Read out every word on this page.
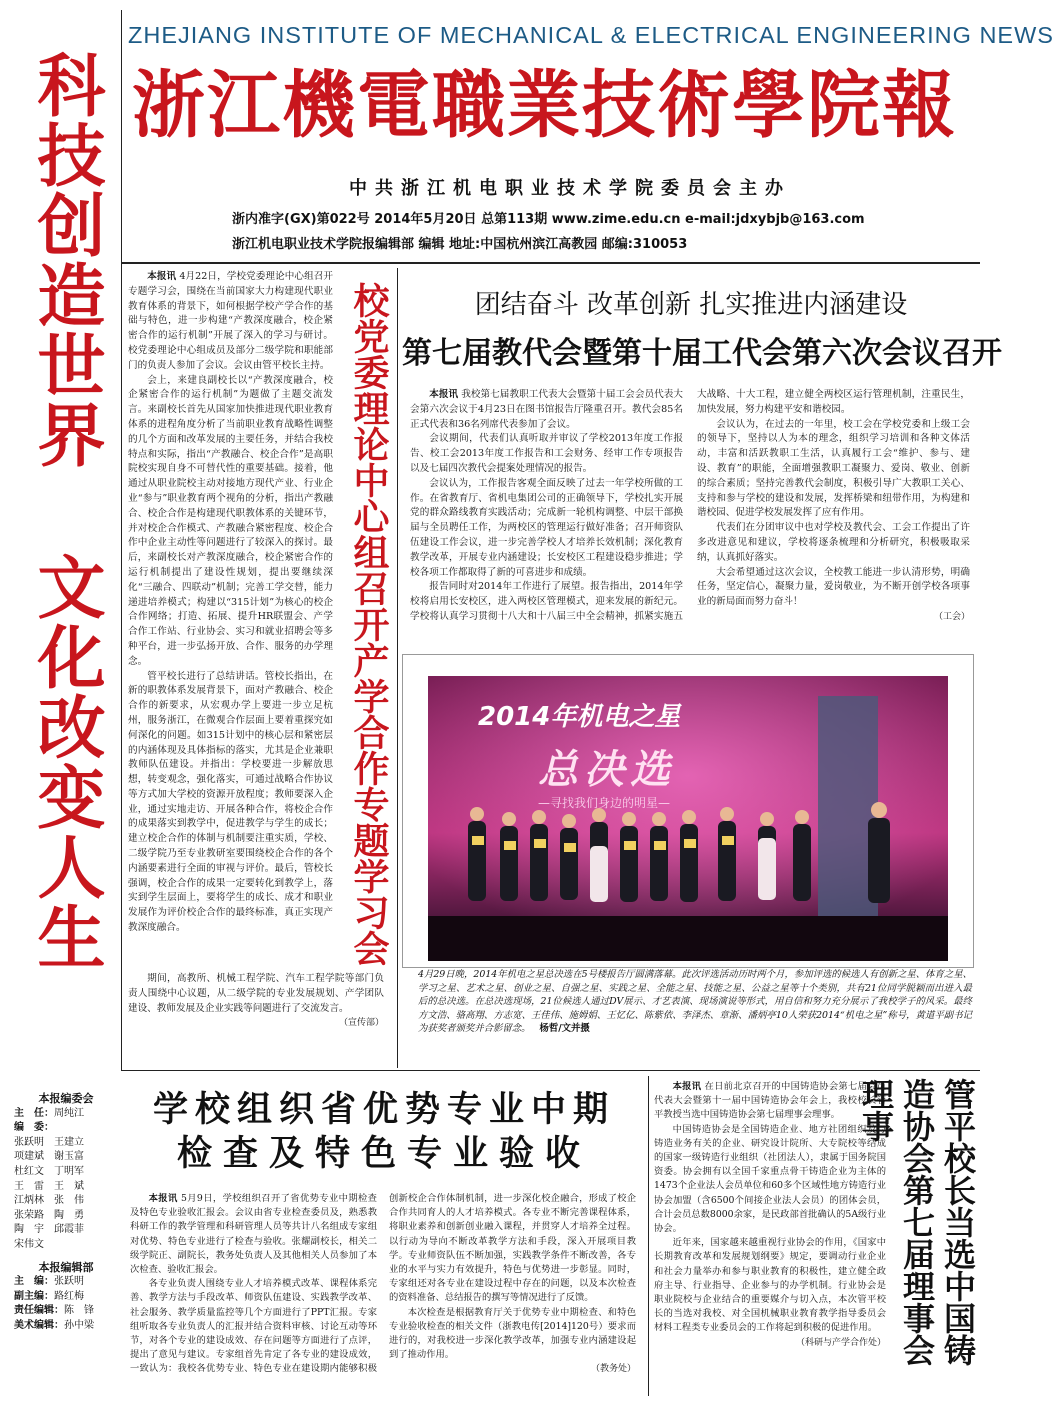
科技创造世界 文化改变人生
ZHEJIANG INSTITUTE OF MECHANICAL & ELECTRICAL ENGINEERING NEWS
浙江機電職業技術學院報
中共浙江机电职业技术学院委员会主办
浙内准字(GX)第022号 2014年5月20日 总第113期 www.zime.edu.cn e-mail:jdxybjb@163.com
浙江机电职业技术学院报编辑部 编辑 地址:中国杭州滨江高教园 邮编:310053
校党委理论中心组召开产学合作专题学习会

本报讯 4月22日，学校党委理论中心组召开专题学习会，围绕在当前国家大力构建现代职业教育体系的背景下，如何根据学校产学合作的基础与特色，进一步构建“产教深度融合，校企紧密合作的运行机制”开展了深入的学习与研讨。校党委理论中心组成员及部分二级学院和职能部门的负责人参加了会议。会议由管平校长主持。

会上，来建良副校长以“产教深度融合，校企紧密合作的运行机制”为题做了主题交流发言。来副校长首先从国家加快推进现代职业教育体系的进程角度分析了当前职业教育战略性调整的几个方面和改革发展的主要任务，并结合我校特点和实际，指出“产教融合、校企合作”是高职院校实现自身不可替代性的重要基础。接着，他通过从职业院校主动对接地方现代产业、行业企业“参与”职业教育两个视角的分析，指出产教融合、校企合作是构建现代职教体系的关键环节，并对校企合作模式、产教融合紧密程度、校企合作中企业主动性等问题进行了较深入的探讨。最后，来副校长对产教深度融合，校企紧密合作的运行机制提出了建设性规划，提出要继续深化“三融合、四联动”机制；完善工学交替，能力递进培养模式；构建以“315计划”为核心的校企合作网络；打造、拓展、提升HR联盟会、产学合作工作站、行业协会、实习和就业招聘会等多种平台，进一步弘扬开放、合作、服务的办学理念。

管平校长进行了总结讲话。管校长指出，在新的职教体系发展背景下，面对产教融合、校企合作的新要求，从宏观办学上要进一步立足杭州，服务浙江，在微观合作层面上要着重探究如何深化的问题。如315计划中的核心层和紧密层的内涵体现及具体指标的落实，尤其是企业兼职教师队伍建设。并指出：学校要进一步解放思想，转变观念，强化落实，可通过战略合作协议等方式加大学校的资源开放程度；教师要深入企业，通过实地走访、开展各种合作，将校企合作的成果落实到教学中，促进教学与学生的成长；建立校企合作的体制与机制要注重实质，学校、二级学院乃至专业教研室要围绕校企合作的各个内涵要素进行全面的审视与评价。最后，管校长强调，校企合作的成果一定要转化到教学上，落实到学生层面上，要将学生的成长、成才和职业发展作为评价校企合作的最终标准，真正实现产教深度融合。

期间，高教所、机械工程学院、汽车工程学院等部门负责人围绕中心议题，从二级学院的专业发展规划、产学团队建设、教师发展及企业实践等问题进行了交流发言。

（宣传部）
团结奋斗 改革创新 扎实推进内涵建设
第七届教代会暨第十届工代会第六次会议召开

本报讯 我校第七届教职工代表大会暨第十届工会会员代表大会第六次会议于4月23日在图书馆报告厅隆重召开。教代会85名正式代表和36名列席代表参加了会议。

会议期间，代表们认真听取并审议了学校2013年度工作报告、校工会2013年度工作报告和工会财务、经审工作专项报告以及七届四次教代会提案处理情况的报告。

会议认为，工作报告客观全面反映了过去一年学校所做的工作。在省教育厅、省机电集团公司的正确领导下，学校扎实开展党的群众路线教育实践活动；完成新一轮机构调整、中层干部换届与全员聘任工作，为两校区的管理运行做好准备；召开师资队伍建设工作会议，进一步完善学校人才培养长效机制；深化教育教学改革，开展专业内涵建设；长安校区工程建设稳步推进；学校各项工作都取得了新的可喜进步和成绩。

报告同时对2014年工作进行了展望。报告指出，2014年学校将启用长安校区，进入两校区管理模式，迎来发展的新纪元。学校将认真学习贯彻十八大和十八届三中全会精神，抓紧实施五大战略、十大工程，建立健全两校区运行管理机制，注重民生，加快发展，努力构建平安和谐校园。

会议认为，在过去的一年里，校工会在学校党委和上级工会的领导下，坚持以人为本的理念，组织学习培训和各种文体活动，丰富和活跃教职工生活，认真履行工会“维护、参与、建设、教育”的职能，全面增强教职工凝聚力、爱岗、敬业、创新的综合素质；坚持完善教代会制度，积极引导广大教职工关心、支持和参与学校的建设和发展，发挥桥梁和纽带作用，为构建和谐校园、促进学校发展发挥了应有作用。

代表们在分团审议中也对学校及教代会、工会工作提出了许多改进意见和建议，学校将逐条梳理和分析研究，积极吸取采纳，认真抓好落实。

大会希望通过这次会议，全校教工能进一步认清形势，明确任务，坚定信心，凝聚力量，爱岗敬业，为不断开创学校各项事业的新局面而努力奋斗！

（工会）
2014年机电之星
总决选
—寻找我们身边的明星—
4月29日晚，2014年机电之星总决选在5号楼报告厅圆满落幕。此次评选活动历时两个月，参加评选的候选人有创新之星、体育之星、学习之星、艺术之星、创业之星、自强之星、实践之星、全能之星、技能之星、公益之星等十个类别，共有21位同学脱颖而出进入最后的总决选。在总决选现场，21位候选人通过DV展示、才艺表演、现场演说等形式，用自信和努力充分展示了我校学子的风采。最终方文浩、骆高翔、方志宽、王佳伟、施姆娟、王忆亿、陈紫依、李泽杰、章渐、潘炳亭10人荣获2014“机电之星”称号，黄道平副书记为获奖者颁奖并合影留念。 杨哲/文并摄
本报编委会
主　任：周纯江
编　委：
张跃明　王建立
项建斌　谢玉富
杜红文　丁明军
王　雷　王　斌
江炳林　张　伟
张荣路　陶　勇
陶　宇　邱霞菲
宋伟文
本报编辑部
主　编：张跃明
副主编：路红梅
责任编辑：陈　锋
美术编辑：孙中梁
学校组织省优势专业中期
检查及特色专业验收

本报讯 5月9日，学校组织召开了省优势专业中期检查及特色专业验收汇报会。会议由省专业检查委员及，熟悉教科研工作的教学管理和科研管理人员等共计八名组成专家组对优势、特色专业进行了检查与验收。张耀副校长，相关二级学院正、副院长，教务处负责人及其他相关人员参加了本次检查、验收汇报会。

各专业负责人围绕专业人才培养模式改革、课程体系完善、教学方法与手段改革、师资队伍建设、实践教学改革、社会服务、教学质量监控等几个方面进行了PPT汇报。专家组听取各专业负责人的汇报并结合资料审核、讨论互动等环节，对各个专业的建设成效、存在问题等方面进行了点评，提出了意见与建议。专家组首先肯定了各专业的建设成效，一致认为：我校各优势专业、特色专业在建设期内能够积极创新校企合作体制机制，进一步深化校企融合，形成了校企合作共同育人的人才培养模式。各专业不断完善课程体系，将职业素养和创新创业融入课程，并贯穿人才培养全过程。以行动为导向不断改革教学方法和手段，深入开展项目教学。专业师资队伍不断加强，实践教学条件不断改善，各专业的水平与实力有效提升，特色与优势进一步彰显。同时，专家组还对各专业在建设过程中存在的问题，以及本次检查的资料准备、总结报告的撰写等情况进行了反馈。

本次检查是根据教育厅关于优势专业中期检查、和特色专业验收检查的相关文件（浙教电传[2014]120号）要求而进行的，对我校进一步深化教学改革，加强专业内涵建设起到了推动作用。

（教务处）
管平校长当选中国铸造协会第七届理事会理事

本报讯 在日前北京召开的中国铸造协会第七届会员代表大会暨第十一届中国铸造协会年会上，我校校长管平教授当选中国铸造协会第七届理事会理事。

中国铸造协会是全国铸造企业、地方社团组织及与铸造业务有关的企业、研究设计院所、大专院校等结成的国家一级铸造行业组织（社团法人），隶属于国务院国资委。协会拥有以全国千家重点骨干铸造企业为主体的1473个企业法人会员单位和60多个区域性地方铸造行业协会加盟（含6500个间接企业法人会员）的团体会员，合计会员总数8000余家，是民政部首批确认的5A级行业协会。

近年来，国家越来越重视行业协会的作用，《国家中长期教育改革和发展规划纲要》规定，要调动行业企业和社会力量举办和参与职业教育的积极性，建立健全政府主导、行业指导、企业参与的办学机制。行业协会是职业院校与企业结合的重要媒介与切入点，本次管平校长的当选对我校、对全国机械职业教育教学指导委员会材料工程类专业委员会的工作将起到积极的促进作用。

（科研与产学合作处）
